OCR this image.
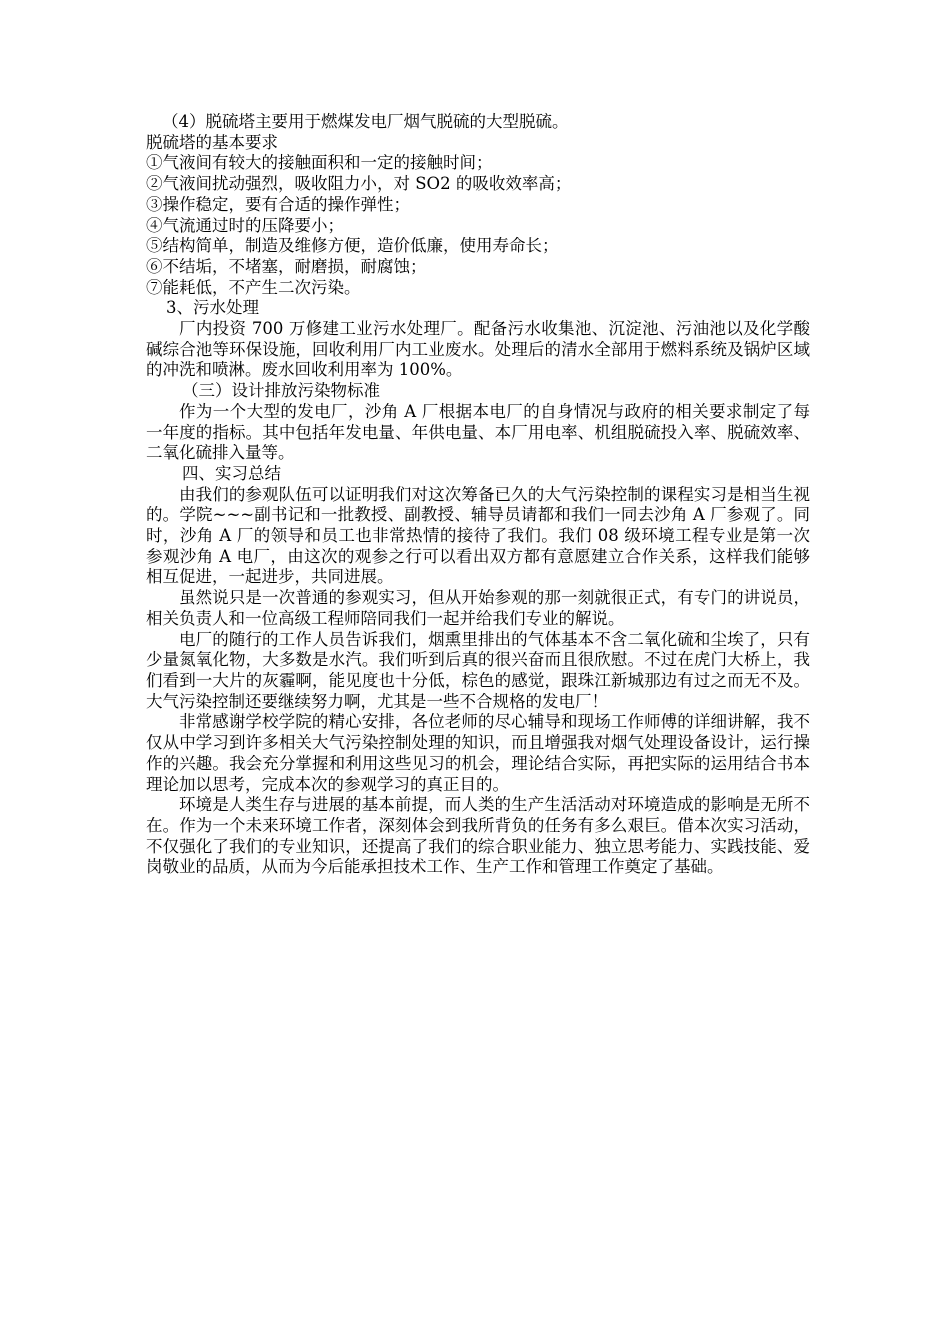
（4）脱硫塔主要用于燃煤发电厂烟气脱硫的大型脱硫。

脱硫塔的基本要求

①气液间有较大的接触面积和一定的接触时间；

②气液间扰动强烈，吸收阻力小，对 SO2 的吸收效率高；

③操作稳定，要有合适的操作弹性；

④气流通过时的压降要小；

⑤结构简单，制造及维修方便，造价低廉，使用寿命长；

⑥不结垢，不堵塞，耐磨损，耐腐蚀；

⑦能耗低，不产生二次污染。

3、污水处理

厂内投资 700 万修建工业污水处理厂。配备污水收集池、沉淀池、污油池以及化学酸碱综合池等环保设施，回收利用厂内工业废水。处理后的清水全部用于燃料系统及锅炉区域的冲洗和喷淋。废水回收利用率为 100%。

（三）设计排放污染物标准

作为一个大型的发电厂，沙角 A 厂根据本电厂的自身情况与政府的相关要求制定了每一年度的指标。其中包括年发电量、年供电量、本厂用电率、机组脱硫投入率、脱硫效率、二氧化硫排入量等。

四、实习总结

由我们的参观队伍可以证明我们对这次筹备已久的大气污染控制的课程实习是相当生视的。学院~~~副书记和一批教授、副教授、辅导员请都和我们一同去沙角 A 厂参观了。同时，沙角 A 厂的领导和员工也非常热情的接待了我们。我们 08 级环境工程专业是第一次参观沙角 A 电厂，由这次的观参之行可以看出双方都有意愿建立合作关系，这样我们能够相互促进，一起进步，共同进展。

虽然说只是一次普通的参观实习，但从开始参观的那一刻就很正式，有专门的讲说员，相关负责人和一位高级工程师陪同我们一起并给我们专业的解说。

电厂的随行的工作人员告诉我们，烟熏里排出的气体基本不含二氧化硫和尘埃了，只有少量氮氧化物，大多数是水汽。我们听到后真的很兴奋而且很欣慰。不过在虎门大桥上，我们看到一大片的灰霾啊，能见度也十分低，棕色的感觉，跟珠江新城那边有过之而无不及。大气污染控制还要继续努力啊，尤其是一些不合规格的发电厂！

非常感谢学校学院的精心安排，各位老师的尽心辅导和现场工作师傅的详细讲解，我不仅从中学习到许多相关大气污染控制处理的知识，而且增强我对烟气处理设备设计，运行操作的兴趣。我会充分掌握和利用这些见习的机会，理论结合实际，再把实际的运用结合书本理论加以思考，完成本次的参观学习的真正目的。

环境是人类生存与进展的基本前提，而人类的生产生活活动对环境造成的影响是无所不在。作为一个未来环境工作者，深刻体会到我所背负的任务有多么艰巨。借本次实习活动，不仅强化了我们的专业知识，还提高了我们的综合职业能力、独立思考能力、实践技能、爱岗敬业的品质，从而为今后能承担技术工作、生产工作和管理工作奠定了基础。
